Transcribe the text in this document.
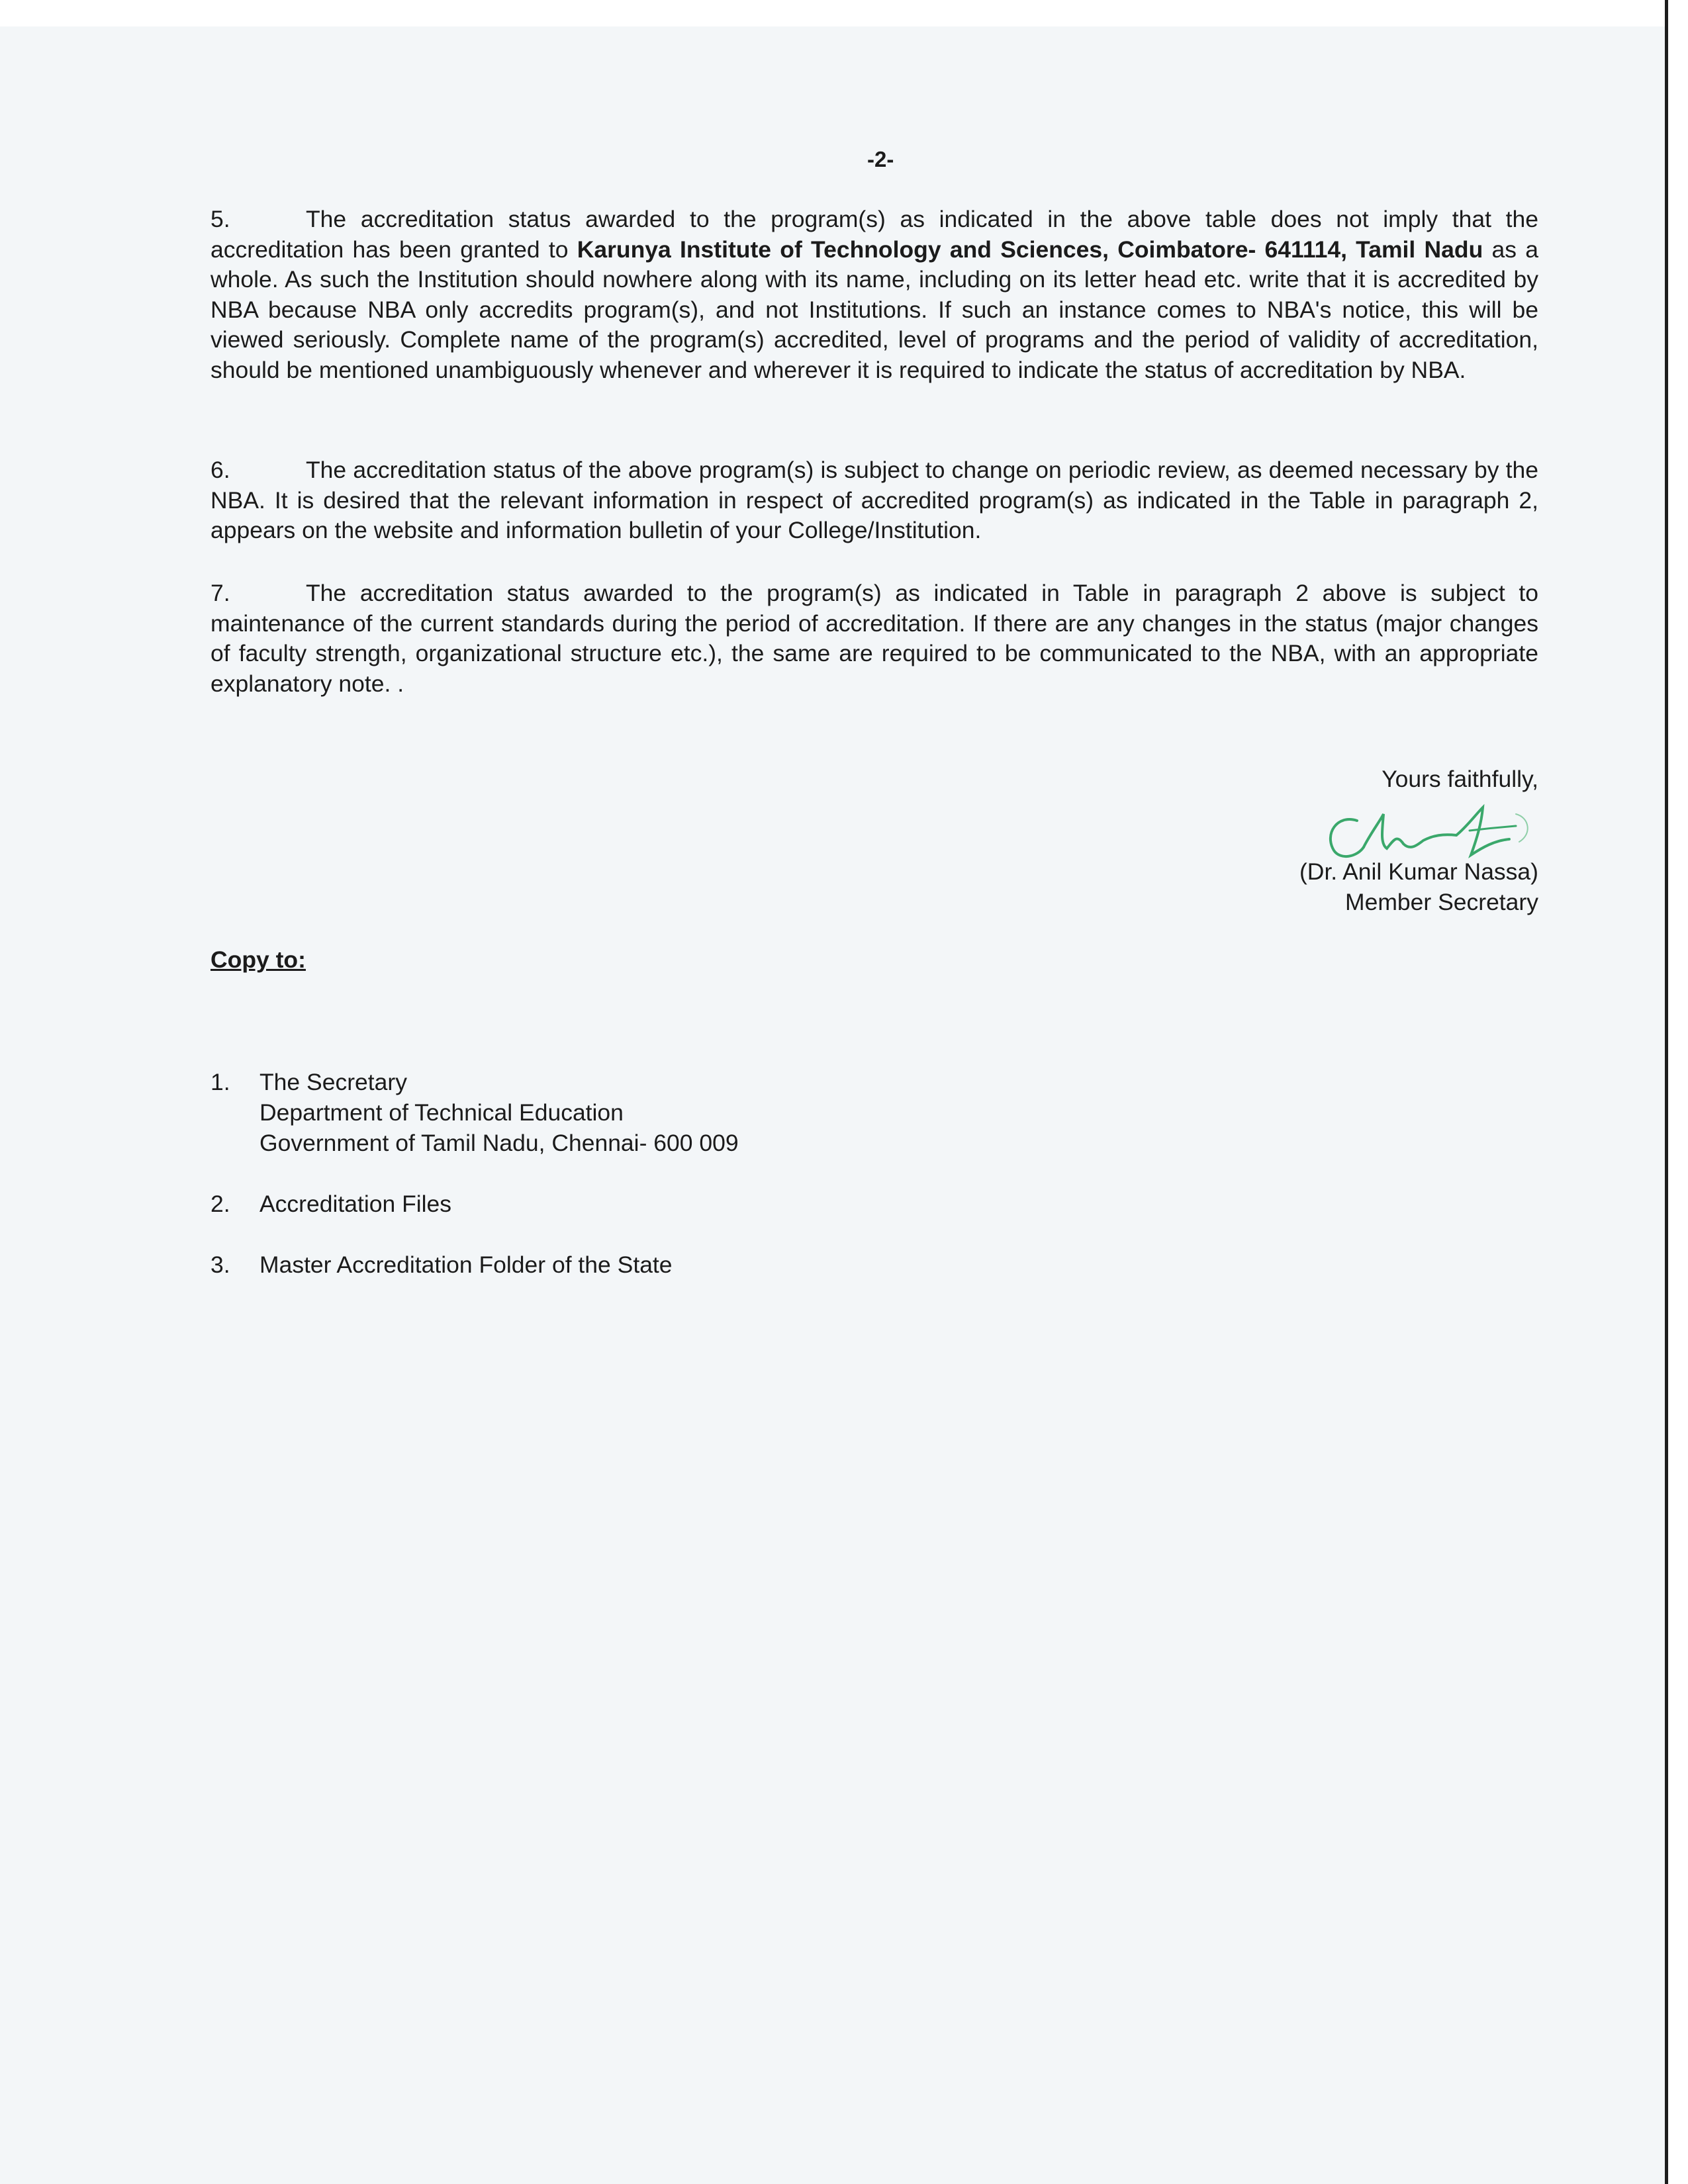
-2-

5.	The accreditation status awarded to the program(s) as indicated in the above table does not imply that the accreditation has been granted to Karunya Institute of Technology and Sciences, Coimbatore- 641114, Tamil Nadu as a whole. As such the Institution should nowhere along with its name, including on its letter head etc. write that it is accredited by NBA because NBA only accredits program(s), and not Institutions. If such an instance comes to NBA's notice, this will be viewed seriously. Complete name of the program(s) accredited, level of programs and the period of validity of accreditation, should be mentioned unambiguously whenever and wherever it is required to indicate the status of accreditation by NBA.

6.	The accreditation status of the above program(s) is subject to change on periodic review, as deemed necessary by the NBA. It is desired that the relevant information in respect of accredited program(s) as indicated in the Table in paragraph 2, appears on the website and information bulletin of your College/Institution.

7.	The accreditation status awarded to the program(s) as indicated in Table in paragraph 2 above is subject to maintenance of the current standards during the period of accreditation. If there are any changes in the status (major changes of faculty strength, organizational structure etc.), the same are required to be communicated to the NBA, with an appropriate explanatory note. .

Yours faithfully,
(Dr. Anil Kumar Nassa)
Member Secretary
Copy to:
1.	The Secretary
Department of Technical Education
Government of Tamil Nadu, Chennai- 600 009
2.	Accreditation Files
3.	Master Accreditation Folder of the State
